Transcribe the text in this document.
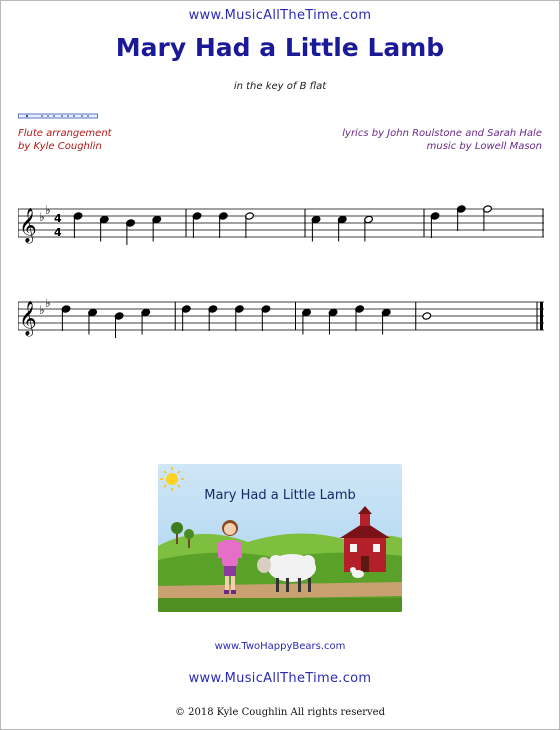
www.MusicAllTheTime.com
Mary Had a Little Lamb
in the key of B flat
Flute arrangement
by Kyle Coughlin
lyrics by John Roulstone and Sarah Hale
music by Lowell Mason
𝄞 ♭ ♭
4
4
𝄞 ♭ ♭
Mary Had a Little Lamb
www.TwoHappyBears.com
www.MusicAllTheTime.com
© 2018 Kyle Coughlin All rights reserved
